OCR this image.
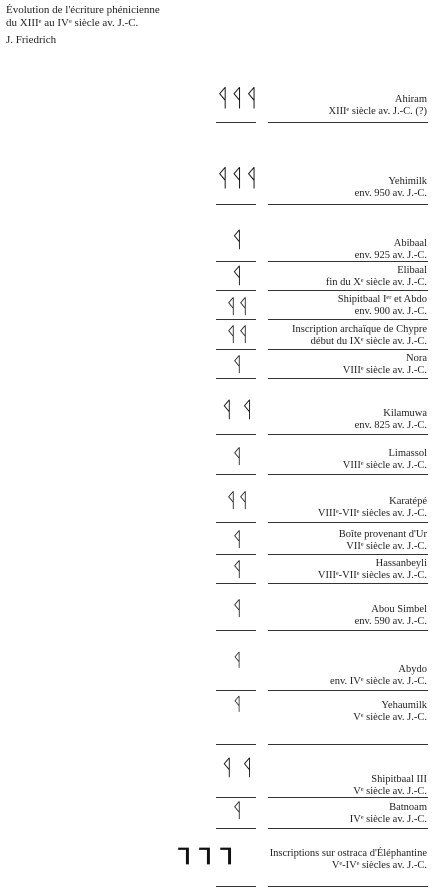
Évolution de l'écriture phénicienne
du XIIIᵉ au IVᵉ siècle av. J.-C.
J. Friedrich
ᛩᛩᛩ	Ahiram
XIIIᵉ siècle av. J.-C. (?)
ᛩᛩᛩ	Yehimilk
env. 950 av. J.-C.
ᛩ	Abibaal
env. 925 av. J.-C.
ᛩ	Elibaal
fin du Xᵉ siècle av. J.-C.
ᛩᛩ	Shipitbaal Iᵉʳ et Abdo
env. 900 av. J.-C.
ᛩᛩ	Inscription archaïque de Chypre
début du IXᵉ siècle av. J.-C.
ᛩ	Nora
VIIIᵉ siècle av. J.-C.
ᛩ ᛩ	Kilamuwa
env. 825 av. J.-C.
ᛩ	Limassol
VIIIᵉ siècle av. J.-C.
ᛩᛩ	Karatépé
VIIIᵉ-VIIᵉ siècles av. J.-C.
ᛩ	Boîte provenant d'Ur
VIIᵉ siècle av. J.-C.
ᛩ	Hassanbeyli
VIIIᵉ-VIIᵉ siècles av. J.-C.
ᛩ	Abou Simbel
env. 590 av. J.-C.
ᛩ	Abydo
env. IVᵉ siècle av. J.-C.
ᛩ	Yehaumilk
Vᵉ siècle av. J.-C.
ᛩ ᛩ	Shipitbaal III
Vᵉ siècle av. J.-C.
ᛩ	Batnoam
IVᵉ siècle av. J.-C.
ᒣ ᒣ ᒣ	Inscriptions sur ostraca d'Éléphantine
Vᵉ-IVᵉ siècles av. J.-C.
